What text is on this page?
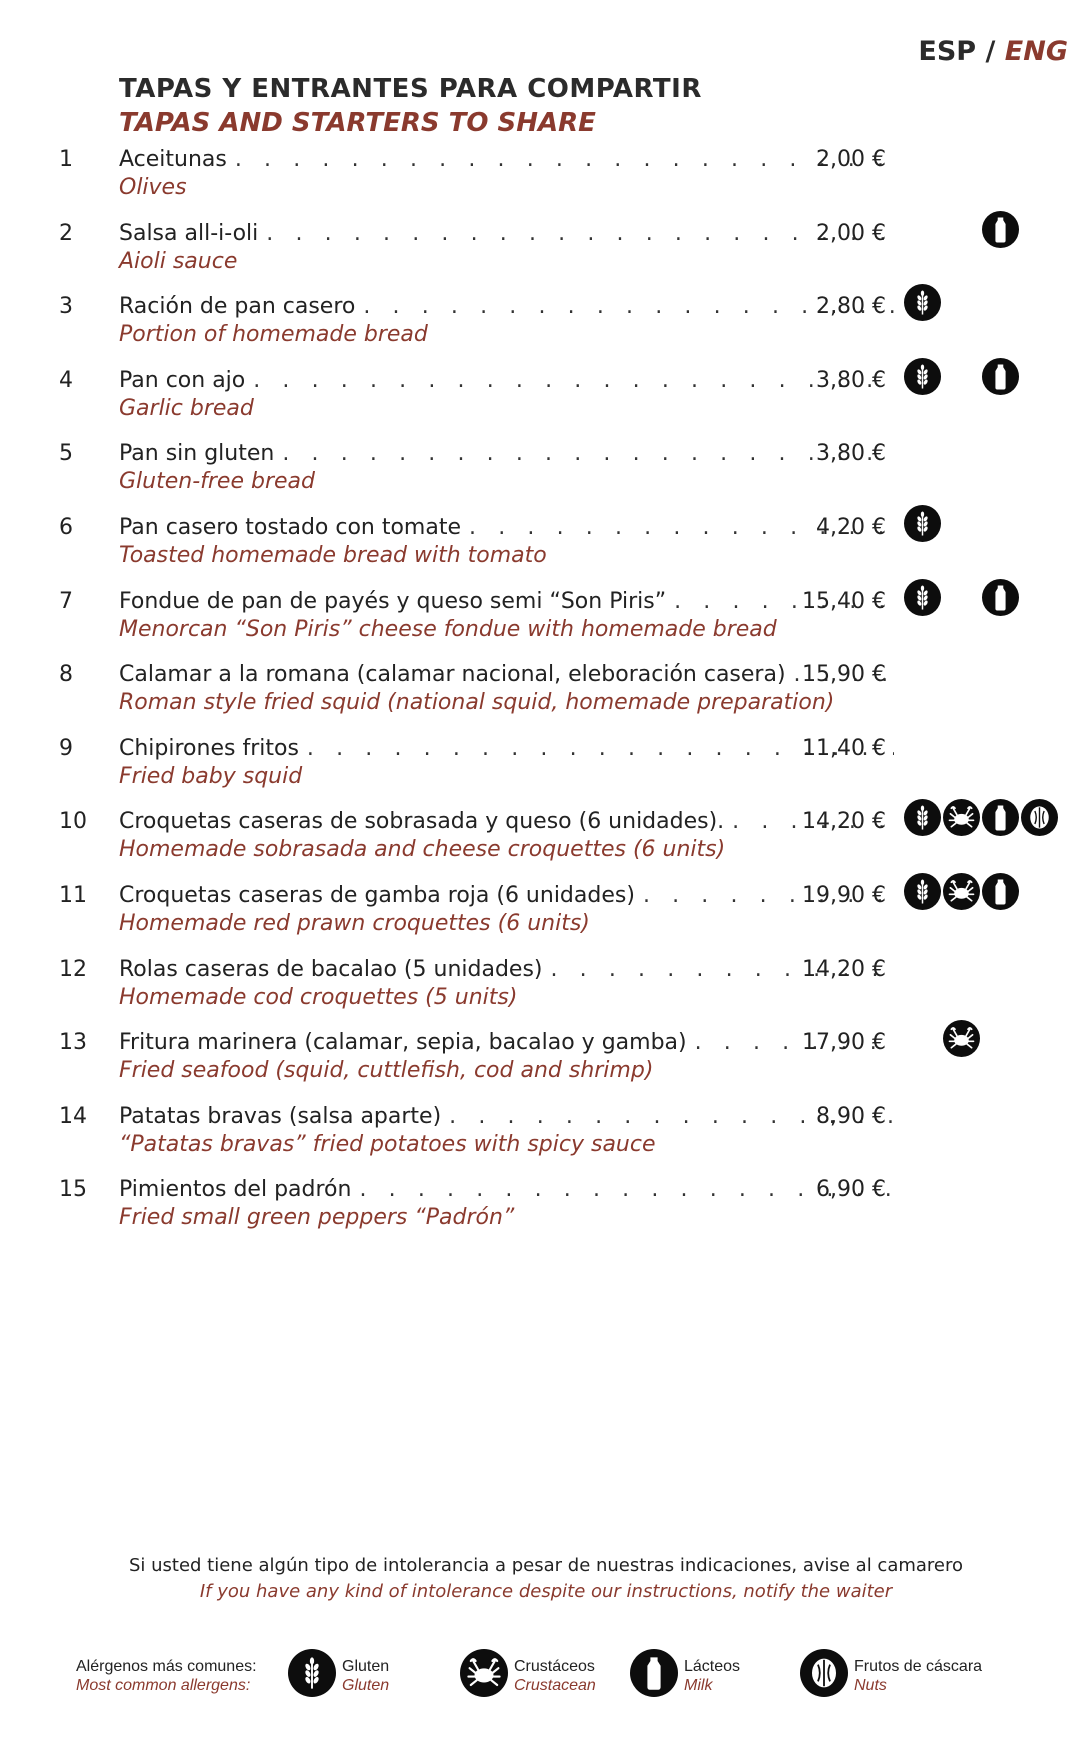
ESP / ENG
TAPAS Y ENTRANTES PARA COMPARTIR
TAPAS AND STARTERS TO SHARE
1 Aceitunas . . .	2,00 €
Olives
2 Salsa all-i-oli . . .	2,00 €
Aioli sauce
3 Ración de pan casero . . .	2,80 €
Portion of homemade bread
4 Pan con ajo . . .	3,80 €
Garlic bread
5 Pan sin gluten . . .	3,80 €
Gluten-free bread
6 Pan casero tostado con tomate . . .	4,20 €
Toasted homemade bread with tomato
7 Fondue de pan de payés y queso semi “Son Piris” . . .	15,40 €
Menorcan “Son Piris” cheese fondue with homemade bread
8 Calamar a la romana (calamar nacional, eleboración casera) . . . 15,90 €
Roman style fried squid (national squid, homemade preparation)
9 Chipirones fritos . . .	11,40 €
Fried baby squid
10 Croquetas caseras de sobrasada y queso (6 unidades). . . .	14,20 €
Homemade sobrasada and cheese croquettes (6 units)
11 Croquetas caseras de gamba roja (6 unidades) . . .	19,90 €
Homemade red prawn croquettes (6 units)
12 Rolas caseras de bacalao (5 unidades) . . .	14,20 €
Homemade cod croquettes (5 units)
13 Fritura marinera (calamar, sepia, bacalao y gamba) . . .	17,90 €
Fried seafood (squid, cuttlefish, cod and shrimp)
14 Patatas bravas (salsa aparte) . . .	8,90 €
“Patatas bravas” fried potatoes with spicy sauce
15 Pimientos del padrón . . .	6,90 €
Fried small green peppers “Padrón”
Si usted tiene algún tipo de intolerancia a pesar de nuestras indicaciones, avise al camarero
If you have any kind of intolerance despite our instructions, notify the waiter
Alérgenos más comunes:
Most common allergens:
Gluten
Gluten
Crustáceos
Crustacean
Lácteos
Milk
Frutos de cáscara
Nuts
